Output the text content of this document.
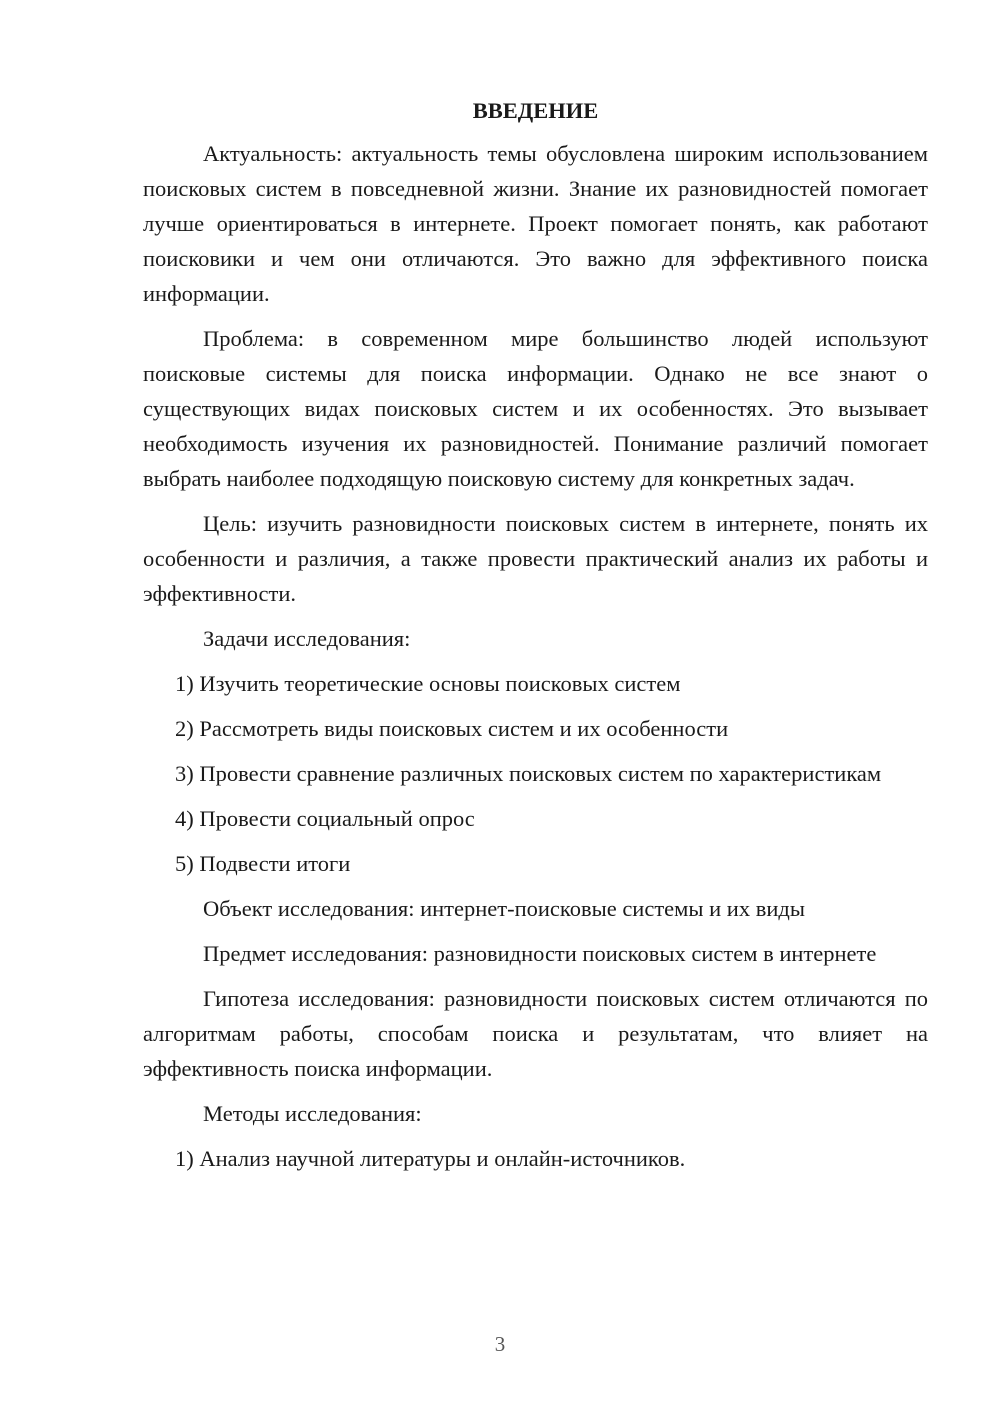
ВВЕДЕНИЕ

Актуальность: актуальность темы обусловлена широким использованием поисковых систем в повседневной жизни. Знание их разновидностей помогает лучше ориентироваться в интернете. Проект помогает понять, как работают поисковики и чем они отличаются. Это важно для эффективного поиска информации.

Проблема: в современном мире большинство людей используют поисковые системы для поиска информации. Однако не все знают о существующих видах поисковых систем и их особенностях. Это вызывает необходимость изучения их разновидностей. Понимание различий помогает выбрать наиболее подходящую поисковую систему для конкретных задач.

Цель: изучить разновидности поисковых систем в интернете, понять их особенности и различия, а также провести практический анализ их работы и эффективности.

Задачи исследования:

1) Изучить теоретические основы поисковых систем

2) Рассмотреть виды поисковых систем и их особенности

3) Провести сравнение различных поисковых систем по характеристикам

4) Провести социальный опрос

5) Подвести итоги

Объект исследования: интернет-поисковые системы и их виды

Предмет исследования: разновидности поисковых систем в интернете

Гипотеза исследования: разновидности поисковых систем отличаются по алгоритмам работы, способам поиска и результатам, что влияет на эффективность поиска информации.

Методы исследования:

1) Анализ научной литературы и онлайн-источников.

3
